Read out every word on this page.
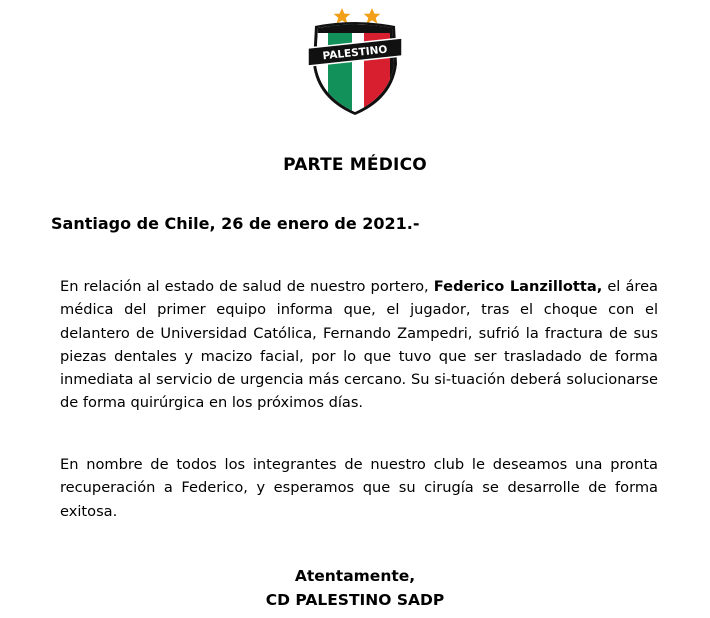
PALESTINO
PARTE MÉDICO
Santiago de Chile, 26 de enero de 2021.-

En relación al estado de salud de nuestro portero, Federico Lanzillotta, el área médica del primer equipo informa que, el jugador, tras el choque con el delantero de Universidad Católica, Fernando Zampedri, sufrió la fractura de sus piezas dentales y macizo facial, por lo que tuvo que ser trasladado de forma inmediata al servicio de urgencia más cercano. Su si-tuación deberá solucionarse de forma quirúrgica en los próximos días.

En nombre de todos los integrantes de nuestro club le deseamos una pronta recuperación a Federico, y esperamos que su cirugía se desarrolle de forma exitosa.

Atentamente,
CD PALESTINO SADP
